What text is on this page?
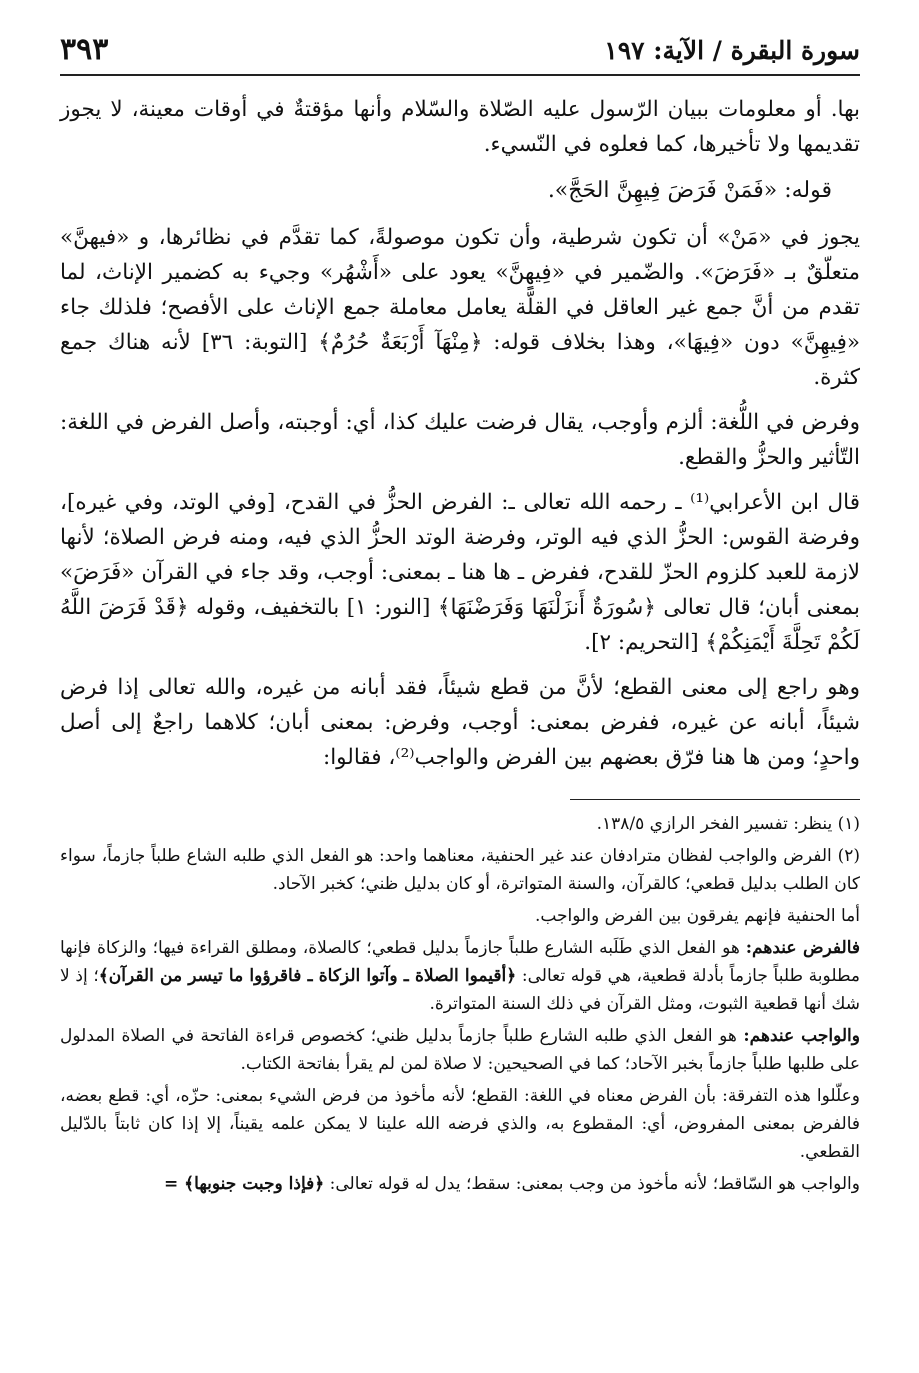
سورة البقرة / الآية: ١٩٧
٣٩٣

بها. أو معلومات ببيان الرّسول عليه الصّلاة والسّلام وأنها مؤقتةٌ في أوقات معينة، لا يجوز تقديمها ولا تأخيرها، كما فعلوه في النّسيء.

قوله: «فَمَنْ فَرَضَ فِيهِنَّ الحَجَّ».

يجوز في «مَنْ» أن تكون شرطية، وأن تكون موصولةً، كما تقدَّم في نظائرها، و «فيهنَّ» متعلّقٌ بـ «فَرَضَ». والضّمير في «فِيهِنَّ» يعود على «أَشْهُر» وجيء به كضمير الإناث، لما تقدم من أنَّ جمع غير العاقل في القلَّة يعامل معاملة جمع الإناث على الأفصح؛ فلذلك جاء «فِيهِنَّ» دون «فِيهَا»، وهذا بخلاف قوله: ﴿مِنْهَآ أَرْبَعَةٌ حُرُمٌ﴾ [التوبة: ٣٦] لأنه هناك جمع كثرة.

وفرض في اللُّغة: ألزم وأوجب، يقال فرضت عليك كذا، أي: أوجبته، وأصل الفرض في اللغة: التّأثير والحزُّ والقطع.

قال ابن الأعرابي⁽¹⁾ ـ رحمه الله تعالى ـ: الفرض الحزُّ في القدح، [وفي الوتد، وفي غيره]، وفرضة القوس: الحزُّ الذي فيه الوتر، وفرضة الوتد الحزُّ الذي فيه، ومنه فرض الصلاة؛ لأنها لازمة للعبد كلزوم الحزّ للقدح، ففرض ـ ها هنا ـ بمعنى: أوجب، وقد جاء في القرآن «فَرَضَ» بمعنى أبان؛ قال تعالى ﴿سُورَةٌ أَنزَلْنَهَا وَفَرَضْنَهَا﴾ [النور: ١] بالتخفيف، وقوله ﴿قَدْ فَرَضَ اللَّهُ لَكُمْ تَحِلَّةَ أَيْمَنِكُمْ﴾ [التحريم: ٢].

وهو راجع إلى معنى القطع؛ لأنَّ من قطع شيئاً، فقد أبانه من غيره، والله تعالى إذا فرض شيئاً، أبانه عن غيره، ففرض بمعنى: أوجب، وفرض: بمعنى أبان؛ كلاهما راجعٌ إلى أصل واحدٍ؛ ومن ها هنا فرّق بعضهم بين الفرض والواجب⁽²⁾، فقالوا:

(١) ينظر: تفسير الفخر الرازي ١٣٨/٥.

(٢) الفرض والواجب لفظان مترادفان عند غير الحنفية، معناهما واحد: هو الفعل الذي طلبه الشاع طلباً جازماً، سواء كان الطلب بدليل قطعي؛ كالقرآن، والسنة المتواترة، أو كان بدليل ظني؛ كخبر الآحاد.

أما الحنفية فإنهم يفرقون بين الفرض والواجب.

فالفرض عندهم: هو الفعل الذي طَلَبه الشارع طلباً جازماً بدليل قطعي؛ كالصلاة، ومطلق القراءة فيها؛ والزكاة فإنها مطلوبة طلباً جازماً بأدلة قطعية، هي قوله تعالى: ﴿أقيموا الصلاة ـ وآتوا الزكاة ـ فاقرؤوا ما تيسر من القرآن﴾؛ إذ لا شك أنها قطعية الثبوت، ومثل القرآن في ذلك السنة المتواترة.

والواجب عندهم: هو الفعل الذي طلبه الشارع طلباً جازماً بدليل ظني؛ كخصوص قراءة الفاتحة في الصلاة المدلول على طلبها طلباً جازماً بخبر الآحاد؛ كما في الصحيحين: لا صلاة لمن لم يقرأ بفاتحة الكتاب.

وعلّلوا هذه التفرقة: بأن الفرض معناه في اللغة: القطع؛ لأنه مأخوذ من فرض الشيء بمعنى: حزّه، أي: قطع بعضه، فالفرض بمعنى المفروض، أي: المقطوع به، والذي فرضه الله علينا لا يمكن علمه يقيناً، إلا إذا كان ثابتاً بالدّليل القطعي.

والواجب هو السّاقط؛ لأنه مأخوذ من وجب بمعنى: سقط؛ يدل له قوله تعالى: ﴿فإذا وجبت جنوبها﴾ =
